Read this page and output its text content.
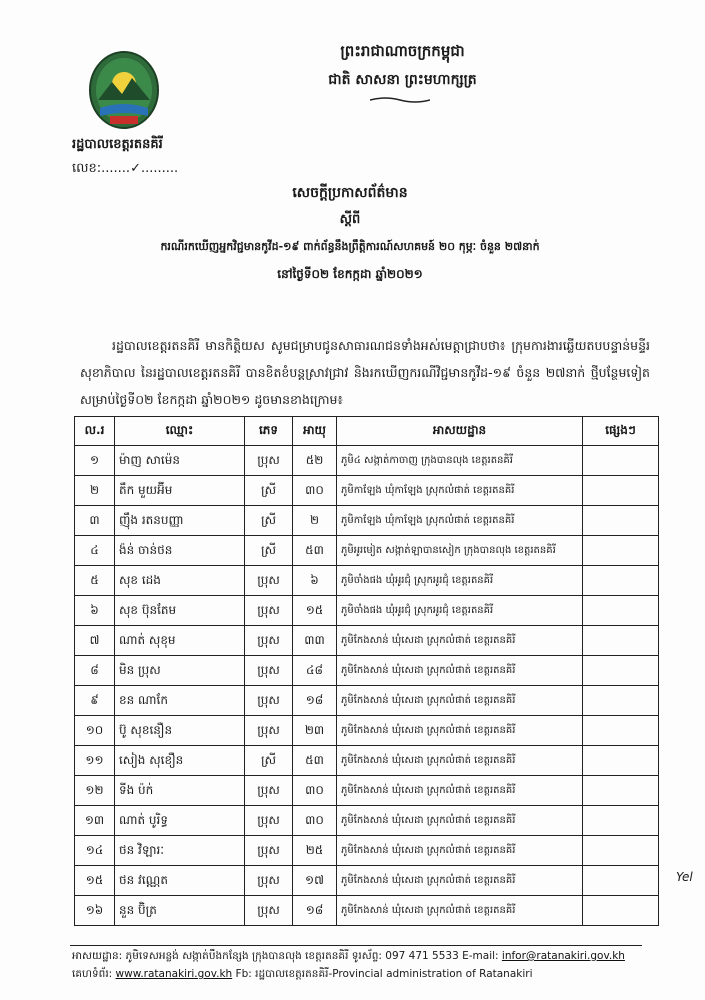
រដ្ឋបាលខេត្តរតនគិរី
លេខ:.......✓.........
ព្រះរាជាណាចក្រកម្ពុជា
ជាតិ សាសនា ព្រះមហាក្សត្រ
សេចក្ដីប្រកាសព័ត៌មាន
ស្ដីពី
ករណីរកឃើញអ្នកវិជ្ជមានកូវីដ-១៩ ពាក់ព័ន្ធនឹងព្រឹត្តិការណ៍សហគមន៍ ២០ កុម្ភៈ ចំនួន ២៧នាក់
នៅថ្ងៃទី០២ ខែកក្កដា ឆ្នាំ២០២១
រដ្ឋបាលខេត្តរតនគិរី មានកិត្តិយស សូមជម្រាបជូនសាធារណជនទាំងអស់មេត្តាជ្រាបថា៖ ក្រុមការងារឆ្លើយតបបន្ទាន់មន្ទីរសុខាភិបាល នៃរដ្ឋបាលខេត្តរតនគិរី បានខិតខំបន្តស្រាវជ្រាវ និងរកឃើញករណីវិជ្ជមានកូវីដ-១៩ ចំនួន ២៧នាក់ ថ្មីបន្ថែមទៀត សម្រាប់ថ្ងៃទី០២ ខែកក្កដា ឆ្នាំ២០២១ ដូចមានខាងក្រោម៖
ល.រ	ឈ្មោះ	ភេទ	អាយុ	អាសយដ្ឋាន	ផ្សេងៗ
១	ម៉ាញ សាម៉េន	ប្រុស	៥២	ភូមិ៤ សង្កាត់កាចាញ ក្រុងបានលុង ខេត្តរតនគិរី	
២	តឹក មួយអ៊ីម	ស្រី	៣០	ភូមិកាឡែង ឃុំកាឡែង ស្រុកលំផាត់ ខេត្តរតនគិរី	
៣	ញ៉ឹង រតនបញ្ញា	ស្រី	២	ភូមិកាឡែង ឃុំកាឡែង ស្រុកលំផាត់ ខេត្តរតនគិរី	
៤	ង៉ន់ ចាន់ថន	ស្រី	៥៣	ភូមិអូរមៀត សង្កាត់ឡាបានសៀក ក្រុងបានលុង ខេត្តរតនគិរី	
៥	សុខ ដេង	ប្រុស	៦	ភូមិចាំងផង ឃុំអូរជុំ ស្រុកអូរជុំ ខេត្តរតនគិរី	
៦	សុខ ប៊ុនតែម	ប្រុស	១៥	ភូមិចាំងផង ឃុំអូរជុំ ស្រុកអូរជុំ ខេត្តរតនគិរី	
៧	ណាត់ សុខុម	ប្រុស	៣៣	ភូមិកែងសាន់ ឃុំសេដា ស្រុកលំផាត់ ខេត្តរតនគិរី	
៨	មិន ប្រុស	ប្រុស	៤៨	ភូមិកែងសាន់ ឃុំសេដា ស្រុកលំផាត់ ខេត្តរតនគិរី	
៩	ខន ណាកែ	ប្រុស	១៨	ភូមិកែងសាន់ ឃុំសេដា ស្រុកលំផាត់ ខេត្តរតនគិរី	
១០	ប៊ូ សុខនឿន	ប្រុស	២៣	ភូមិកែងសាន់ ឃុំសេដា ស្រុកលំផាត់ ខេត្តរតនគិរី	
១១	សៀង សុខឿន	ស្រី	៥៣	ភូមិកែងសាន់ ឃុំសេដា ស្រុកលំផាត់ ខេត្តរតនគិរី	
១២	ទីង ប៉ក់	ប្រុស	៣០	ភូមិកែងសាន់ ឃុំសេដា ស្រុកលំផាត់ ខេត្តរតនគិរី	
១៣	ណាត់ បូរិទ្ធ	ប្រុស	៣០	ភូមិកែងសាន់ ឃុំសេដា ស្រុកលំផាត់ ខេត្តរតនគិរី	
១៤	ថន វិឡារៈ	ប្រុស	២៥	ភូមិកែងសាន់ ឃុំសេដា ស្រុកលំផាត់ ខេត្តរតនគិរី	
១៥	ថន វណ្ណេត	ប្រុស	១៧	ភូមិកែងសាន់ ឃុំសេដា ស្រុកលំផាត់ ខេត្តរតនគិរី	
១៦	នួន ប៊ិត្រ	ប្រុស	១៨	ភូមិកែងសាន់ ឃុំសេដា ស្រុកលំផាត់ ខេត្តរតនគិរី	
Yel
អាសយដ្ឋាន: ភូមិទេសអន្លង់ សង្កាត់បឹងកន្សែង ក្រុងបានលុង ខេត្តរតនគិរី ទូរស័ព្ទ: 097 471 5533 E-mail: infor@ratanakiri.gov.kh
គេហទំព័រ: www.ratanakiri.gov.kh Fb: រដ្ឋបាលខេត្តរតនគិរី-Provincial administration of Ratanakiri
